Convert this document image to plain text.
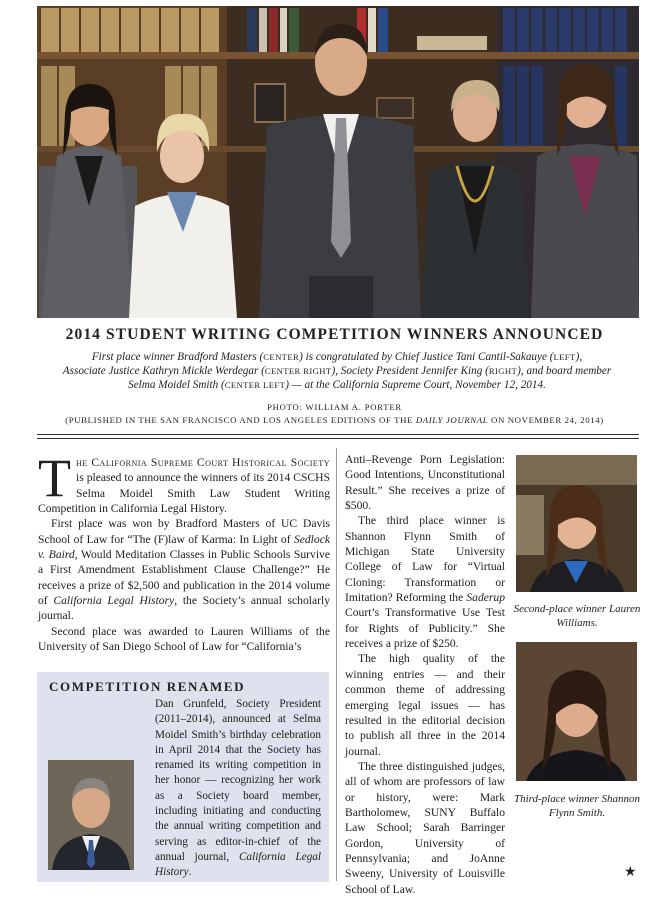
2014 STUDENT WRITING COMPETITION WINNERS ANNOUNCED
First place winner Bradford Masters (CENTER) is congratulated by Chief Justice Tani Cantil-Sakauye (LEFT),
Associate Justice Kathryn Mickle Werdegar (CENTER RIGHT), Society President Jennifer King (RIGHT), and board member
Selma Moidel Smith (CENTER LEFT) — at the California Supreme Court, November 12, 2014.
PHOTO: WILLIAM A. PORTER
(PUBLISHED IN THE SAN FRANCISCO AND LOS ANGELES EDITIONS OF THE DAILY JOURNAL ON NOVEMBER 24, 2014)

The California Supreme Court Historical Society is pleased to announce the winners of its 2014 CSCHS Selma Moidel Smith Law Student Writing Competition in California Legal History.

First place was won by Bradford Masters of UC Davis School of Law for “The (F)law of Karma: In Light of Sedlock v. Baird, Would Meditation Classes in Public Schools Survive a First Amendment Establishment Clause Challenge?” He receives a prize of $2,500 and publication in the 2014 volume of California Legal History, the Society’s annual scholarly journal.

Second place was awarded to Lauren Williams of the University of San Diego School of Law for “California’s

COMPETITION RENAMED
Dan Grunfeld, Society President (2011–2014), announced at Selma Moidel Smith’s birthday celebration in April 2014 that the Society has renamed its writing competition in her honor — recognizing her work as a Society board member, including initiating and conducting the annual writing competition and serving as editor-in-chief of the annual journal, California Legal History.

Anti–Revenge Porn Legislation: Good Intentions, Unconstitutional Result.” She receives a prize of $500.

The third place winner is Shannon Flynn Smith of Michigan State University College of Law for “Virtual Cloning: Transformation or Imitation? Reforming the Saderup Court’s Transformative Use Test for Rights of Publicity.” She receives a prize of $250.

The high quality of the winning entries — and their common theme of addressing emerging legal issues — has resulted in the editorial decision to publish all three in the 2014 journal.

The three distinguished judges, all of whom are professors of law or history, were: Mark Bartholomew, SUNY Buffalo Law School; Sarah Barringer Gordon, University of Pennsylvania; and JoAnne Sweeny, University of Louisville School of Law.

Second-place winner Lauren Williams.
Third-place winner Shannon Flynn Smith.
★
